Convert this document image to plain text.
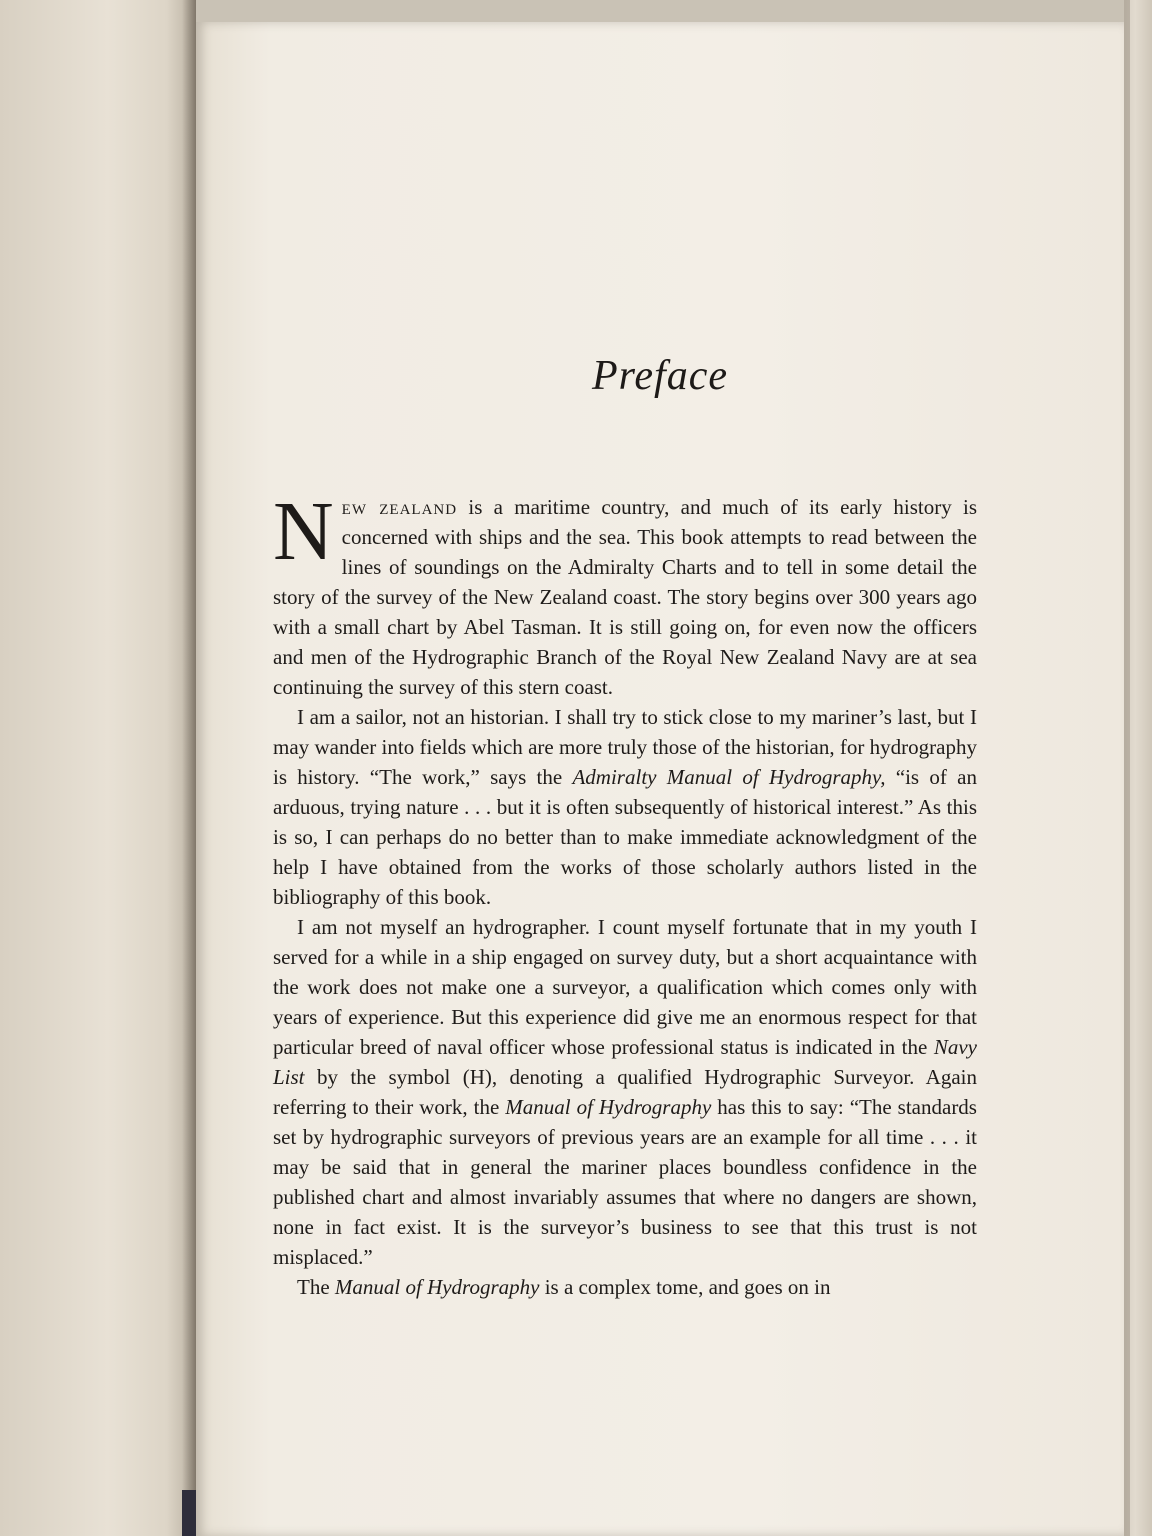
Preface

New zealand is a maritime country, and much of its early history is concerned with ships and the sea. This book attempts to read between the lines of soundings on the Admiralty Charts and to tell in some detail the story of the survey of the New Zealand coast. The story begins over 300 years ago with a small chart by Abel Tasman. It is still going on, for even now the officers and men of the Hydrographic Branch of the Royal New Zealand Navy are at sea continuing the survey of this stern coast.

I am a sailor, not an historian. I shall try to stick close to my mariner’s last, but I may wander into fields which are more truly those of the historian, for hydrography is history. “The work,” says the Admiralty Manual of Hydrography, “is of an arduous, trying nature . . . but it is often subsequently of historical interest.” As this is so, I can perhaps do no better than to make immediate acknowledgment of the help I have obtained from the works of those scholarly authors listed in the bibliography of this book.

I am not myself an hydrographer. I count myself fortunate that in my youth I served for a while in a ship engaged on survey duty, but a short acquaintance with the work does not make one a surveyor, a qualification which comes only with years of experience. But this experience did give me an enormous respect for that particular breed of naval officer whose professional status is indicated in the Navy List by the symbol (H), denoting a qualified Hydrographic Surveyor. Again referring to their work, the Manual of Hydrography has this to say: “The standards set by hydrographic surveyors of previous years are an example for all time . . . it may be said that in general the mariner places boundless confidence in the published chart and almost invariably assumes that where no dangers are shown, none in fact exist. It is the surveyor’s business to see that this trust is not misplaced.”

The Manual of Hydrography is a complex tome, and goes on in
